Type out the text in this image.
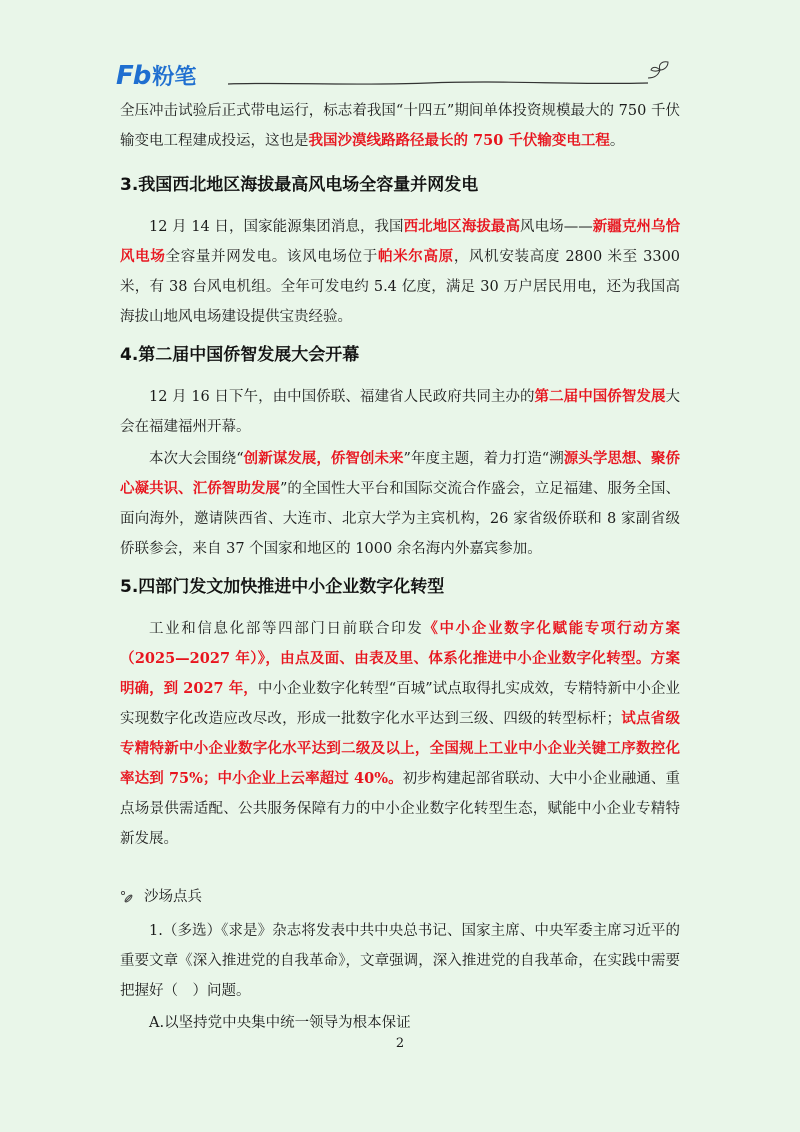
Fb 粉笔

全压冲击试验后正式带电运行，标志着我国“十四五”期间单体投资规模最大的 750 千伏输变电工程建成投运，这也是我国沙漠线路路径最长的 750 千伏输变电工程。

3.我国西北地区海拔最高风电场全容量并网发电

12 月 14 日，国家能源集团消息，我国西北地区海拔最高风电场——新疆克州乌恰风电场全容量并网发电。该风电场位于帕米尔高原，风机安装高度 2800 米至 3300 米，有 38 台风电机组。全年可发电约 5.4 亿度，满足 30 万户居民用电，还为我国高海拔山地风电场建设提供宝贵经验。

4.第二届中国侨智发展大会开幕

12 月 16 日下午，由中国侨联、福建省人民政府共同主办的第二届中国侨智发展大会在福建福州开幕。

本次大会围绕“创新谋发展，侨智创未来”年度主题，着力打造“溯源头学思想、聚侨心凝共识、汇侨智助发展”的全国性大平台和国际交流合作盛会，立足福建、服务全国、面向海外，邀请陕西省、大连市、北京大学为主宾机构，26 家省级侨联和 8 家副省级侨联参会，来自 37 个国家和地区的 1000 余名海内外嘉宾参加。

5.四部门发文加快推进中小企业数字化转型

工业和信息化部等四部门日前联合印发《中小企业数字化赋能专项行动方案（2025—2027 年）》，由点及面、由表及里、体系化推进中小企业数字化转型。方案明确，到 2027 年，中小企业数字化转型“百城”试点取得扎实成效，专精特新中小企业实现数字化改造应改尽改，形成一批数字化水平达到三级、四级的转型标杆；试点省级专精特新中小企业数字化水平达到二级及以上，全国规上工业中小企业关键工序数控化率达到 75%；中小企业上云率超过 40%。初步构建起部省联动、大中小企业融通、重点场景供需适配、公共服务保障有力的中小企业数字化转型生态，赋能中小企业专精特新发展。

沙场点兵

1.（多选）《求是》杂志将发表中共中央总书记、国家主席、中央军委主席习近平的重要文章《深入推进党的自我革命》，文章强调，深入推进党的自我革命，在实践中需要把握好（　）问题。

A.以坚持党中央集中统一领导为根本保证

2
